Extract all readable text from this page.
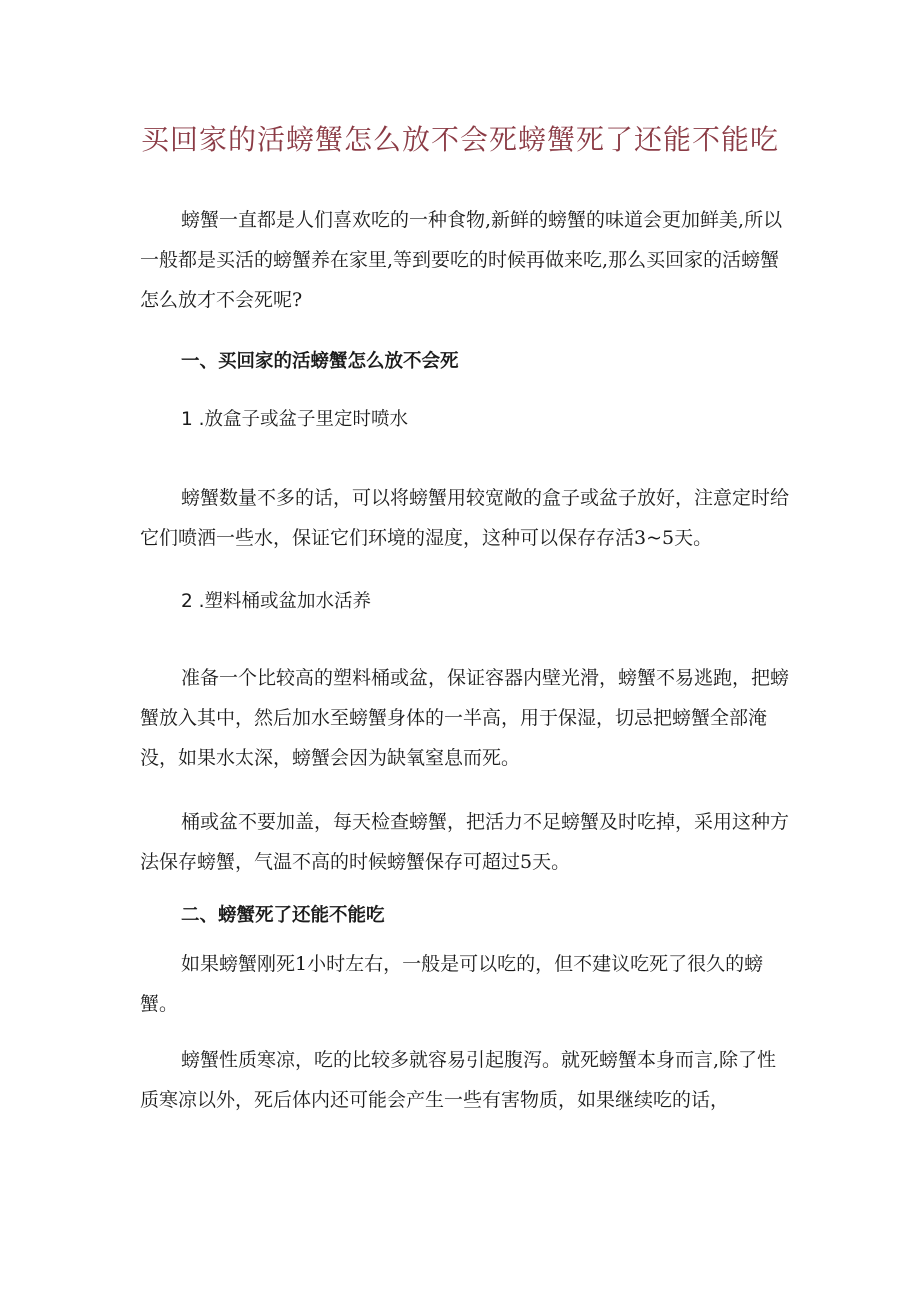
买回家的活螃蟹怎么放不会死螃蟹死了还能不能吃

螃蟹一直都是人们喜欢吃的一种食物,新鲜的螃蟹的味道会更加鲜美,所以一般都是买活的螃蟹养在家里,等到要吃的时候再做来吃,那么买回家的活螃蟹怎么放才不会死呢?

一、买回家的活螃蟹怎么放不会死
1 .放盒子或盆子里定时喷水

螃蟹数量不多的话，可以将螃蟹用较宽敞的盒子或盆子放好，注意定时给它们喷洒一些水，保证它们环境的湿度，这种可以保存存活3~5天。

2 .塑料桶或盆加水活养

准备一个比较高的塑料桶或盆，保证容器内壁光滑，螃蟹不易逃跑，把螃蟹放入其中，然后加水至螃蟹身体的一半高，用于保湿，切忌把螃蟹全部淹没，如果水太深，螃蟹会因为缺氧窒息而死。

桶或盆不要加盖，每天检查螃蟹，把活力不足螃蟹及时吃掉，采用这种方法保存螃蟹，气温不高的时候螃蟹保存可超过5天。

二、螃蟹死了还能不能吃

如果螃蟹刚死1小时左右，一般是可以吃的，但不建议吃死了很久的螃蟹。

螃蟹性质寒凉，吃的比较多就容易引起腹泻。就死螃蟹本身而言,除了性质寒凉以外，死后体内还可能会产生一些有害物质，如果继续吃的话，
